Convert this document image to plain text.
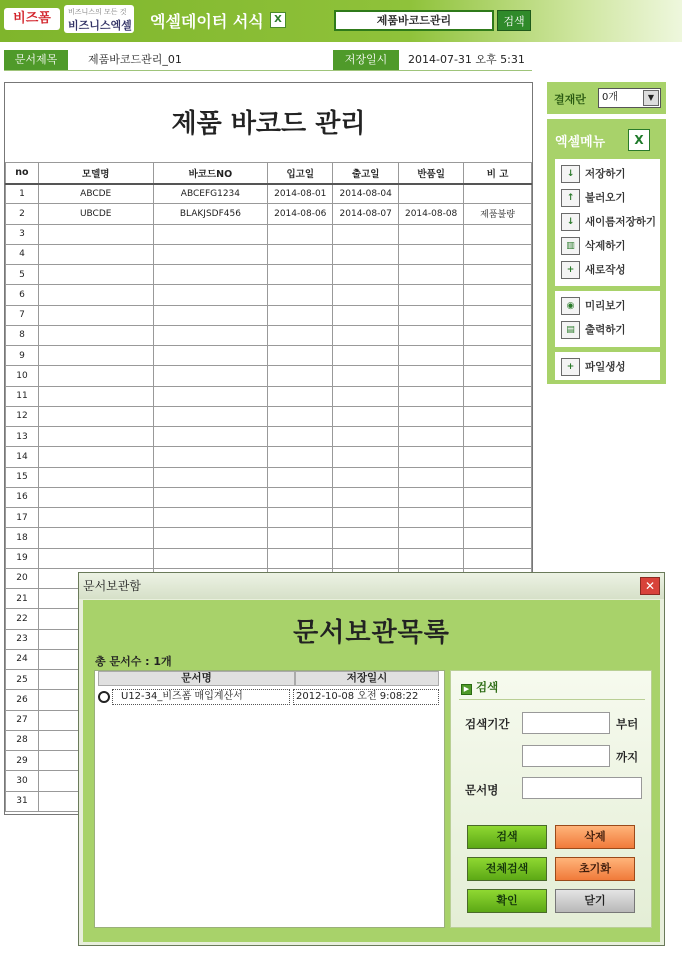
비즈폼	비즈니스의 모든 것
비즈니스엑셀 엑셀데이터 서식	X	제품바코드관리	검색
문서제목	제품바코드관리_01	저장일시	2014-07-31 오후 5:31
제품 바코드 관리
no	모델명	바코드NO	입고일	출고일	반품일	비 고
1	ABCDE	ABCEFG1234	2014-08-01	2014-08-04		
2	UBCDE	BLAKJSDF456	2014-08-06	2014-08-07	2014-08-08	제품불량
3						
4						
5						
6						
7						
8						
9						
10						
11						
12						
13						
14						
15						
16						
17						
18						
19						
20						
21						
22						
23						
24						
25						
26						
27						
28						
29						
30						
31						
결재란	0개	▼
엑셀메뉴	X
↓	저장하기
↑	불러오기
↓	새이름저장하기
▥ 삭제하기
+	새로작성
◉	미리보기
▤ 출력하기
+	파일생성
문서보관함	✕
문서보관목록
총 문서수 : 1개
문서명	저장일시
U12-34_비즈폼 매입계산서	2012-10-08 오전 9:08:22
▶ 검색
검색기간	부터
까지
문서명
검색	삭제
전체검색	초기화
확인	닫기
